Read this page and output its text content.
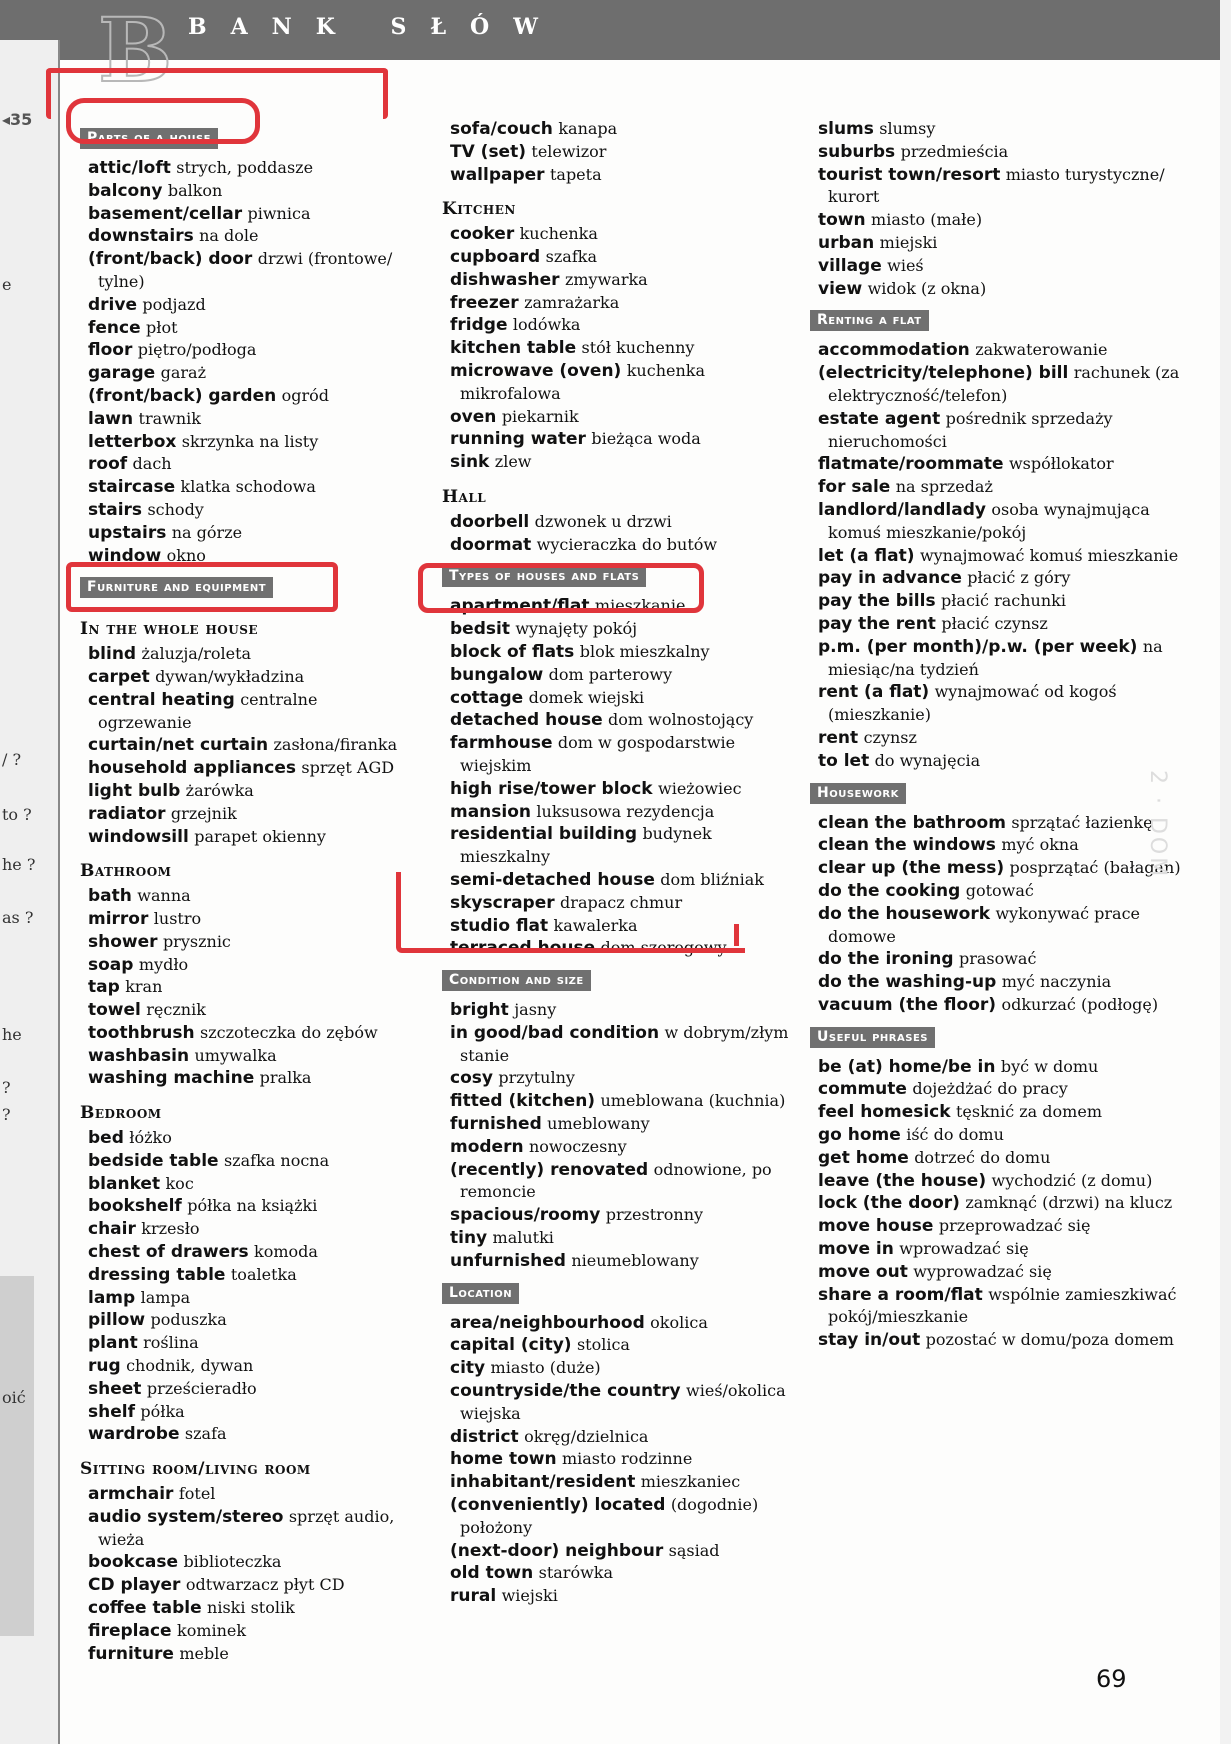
B BANK SŁÓW
◂35
e
/ ?
to ?
he ?
as ?
he
?
?
oić
Parts of a house

attic/loft strych, poddasze
balcony balkon
basement/cellar piwnica
downstairs na dole
(front/back) door drzwi (frontowe/ tylne)
drive podjazd
fence płot
floor piętro/podłoga
garage garaż
(front/back) garden ogród
lawn trawnik
letterbox skrzynka na listy
roof dach
staircase klatka schodowa
stairs schody
upstairs na górze
window okno
Furniture and equipment

In the whole house
blind żaluzja/roleta
carpet dywan/wykładzina
central heating centralne ogrzewanie
curtain/net curtain zasłona/firanka
household appliances sprzęt AGD
light bulb żarówka
radiator grzejnik
windowsill parapet okienny
Bathroom
bath wanna
mirror lustro
shower prysznic
soap mydło
tap kran
towel ręcznik
toothbrush szczoteczka do zębów
washbasin umywalka
washing machine pralka
Bedroom
bed łóżko
bedside table szafka nocna
blanket koc
bookshelf półka na książki
chair krzesło
chest of drawers komoda
dressing table toaletka
lamp lampa
pillow poduszka
plant roślina
rug chodnik, dywan
sheet prześcieradło
shelf półka
wardrobe szafa
Sitting room/living room
armchair fotel
audio system/stereo sprzęt audio, wieża
bookcase biblioteczka
CD player odtwarzacz płyt CD
coffee table niski stolik
fireplace kominek
furniture meble
sofa/couch kanapa
TV (set) telewizor
wallpaper tapeta
Kitchen
cooker kuchenka
cupboard szafka
dishwasher zmywarka
freezer zamrażarka
fridge lodówka
kitchen table stół kuchenny
microwave (oven) kuchenka mikrofalowa
oven piekarnik
running water bieżąca woda
sink zlew
Hall
doorbell dzwonek u drzwi
doormat wycieraczka do butów
Types of houses and flats

apartment/flat mieszkanie
bedsit wynajęty pokój
block of flats blok mieszkalny
bungalow dom parterowy
cottage domek wiejski
detached house dom wolnostojący
farmhouse dom w gospodarstwie wiejskim
high rise/tower block wieżowiec
mansion luksusowa rezydencja
residential building budynek mieszkalny
semi-detached house dom bliźniak
skyscraper drapacz chmur
studio flat kawalerka
terraced house dom szeregowy
Condition and size

bright jasny
in good/bad condition w dobrym/złym stanie
cosy przytulny
fitted (kitchen) umeblowana (kuchnia)
furnished umeblowany
modern nowoczesny
(recently) renovated odnowione, po remoncie
spacious/roomy przestronny
tiny malutki
unfurnished nieumeblowany
Location

area/neighbourhood okolica
capital (city) stolica
city miasto (duże)
countryside/the country wieś/okolica wiejska
district okręg/dzielnica
home town miasto rodzinne
inhabitant/resident mieszkaniec
(conveniently) located (dogodnie) położony
(next-door) neighbour sąsiad
old town starówka
rural wiejski
slums slumsy
suburbs przedmieścia
tourist town/resort miasto turystyczne/ kurort
town miasto (małe)
urban miejski
village wieś
view widok (z okna)
Renting a flat

accommodation zakwaterowanie
(electricity/telephone) bill rachunek (za elektryczność/telefon)
estate agent pośrednik sprzedaży nieruchomości
flatmate/roommate współlokator
for sale na sprzedaż
landlord/landlady osoba wynajmująca komuś mieszkanie/pokój
let (a flat) wynajmować komuś mieszkanie
pay in advance płacić z góry
pay the bills płacić rachunki
pay the rent płacić czynsz
p.m. (per month)/p.w. (per week) na miesiąc/na tydzień
rent (a flat) wynajmować od kogoś (mieszkanie)
rent czynsz
to let do wynajęcia
Housework

clean the bathroom sprzątać łazienkę
clean the windows myć okna
clear up (the mess) posprzątać (bałagan)
do the cooking gotować
do the housework wykonywać prace domowe
do the ironing prasować
do the washing-up myć naczynia
vacuum (the floor) odkurzać (podłogę)
Useful phrases

be (at) home/be in być w domu
commute dojeżdżać do pracy
feel homesick tęsknić za domem
go home iść do domu
get home dotrzeć do domu
leave (the house) wychodzić (z domu)
lock (the door) zamknąć (drzwi) na klucz
move house przeprowadzać się
move in wprowadzać się
move out wyprowadzać się
share a room/flat wspólnie zamieszkiwać pokój/mieszkanie
stay in/out pozostać w domu/poza domem
2 · DOM
69
